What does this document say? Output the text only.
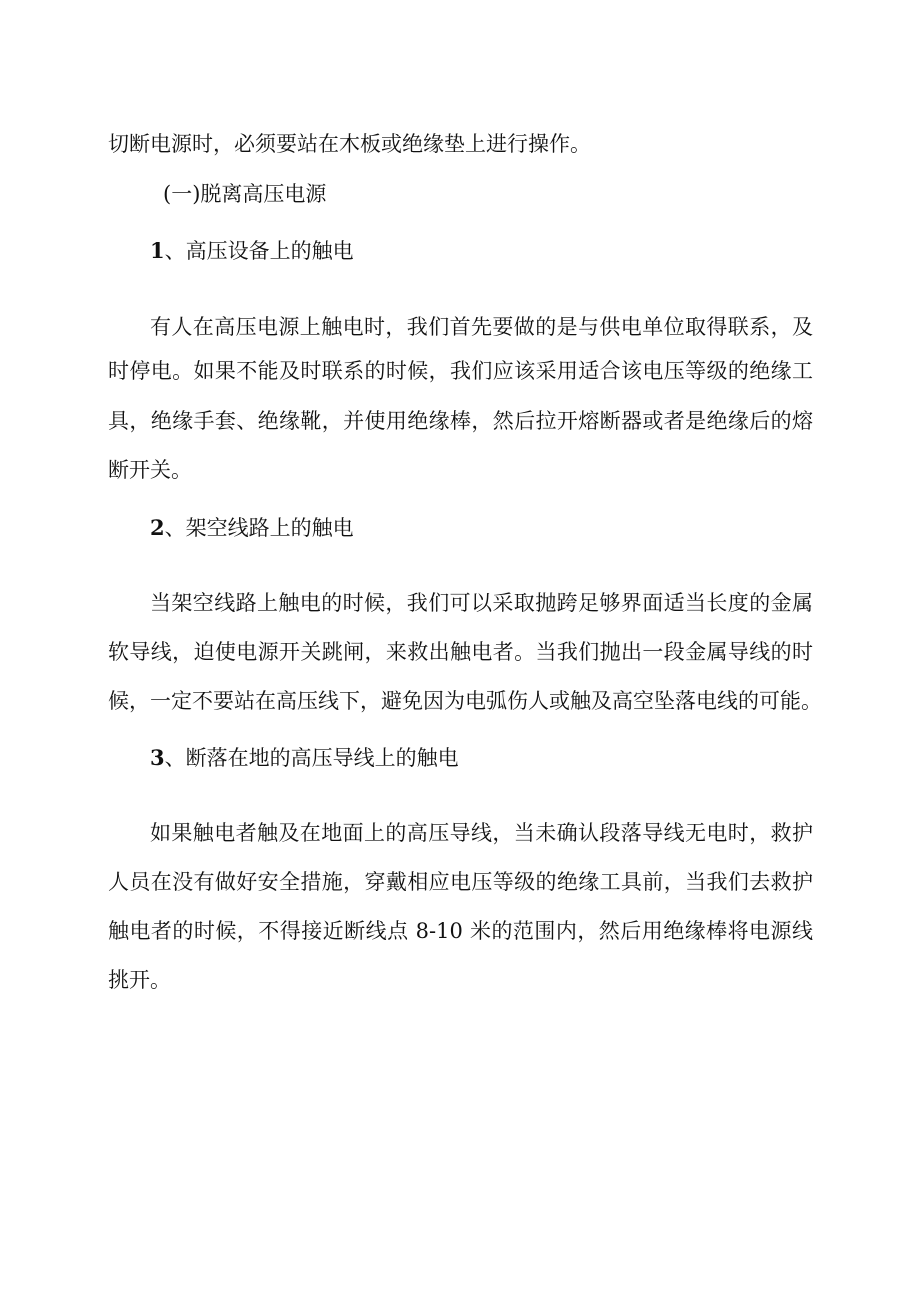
切断电源时，必须要站在木板或绝缘垫上进行操作。

(一)脱离高压电源

1、高压设备上的触电

有人在高压电源上触电时，我们首先要做的是与供电单位取得联系，及

时停电。如果不能及时联系的时候，我们应该采用适合该电压等级的绝缘工

具，绝缘手套、绝缘靴，并使用绝缘棒，然后拉开熔断器或者是绝缘后的熔

断开关。

2、架空线路上的触电

当架空线路上触电的时候，我们可以采取抛跨足够界面适当长度的金属

软导线，迫使电源开关跳闸，来救出触电者。当我们抛出一段金属导线的时

候，一定不要站在高压线下，避免因为电弧伤人或触及高空坠落电线的可能。

3、断落在地的高压导线上的触电

如果触电者触及在地面上的高压导线，当未确认段落导线无电时，救护

人员在没有做好安全措施，穿戴相应电压等级的绝缘工具前，当我们去救护

触电者的时候，不得接近断线点 8-10 米的范围内，然后用绝缘棒将电源线

挑开。
